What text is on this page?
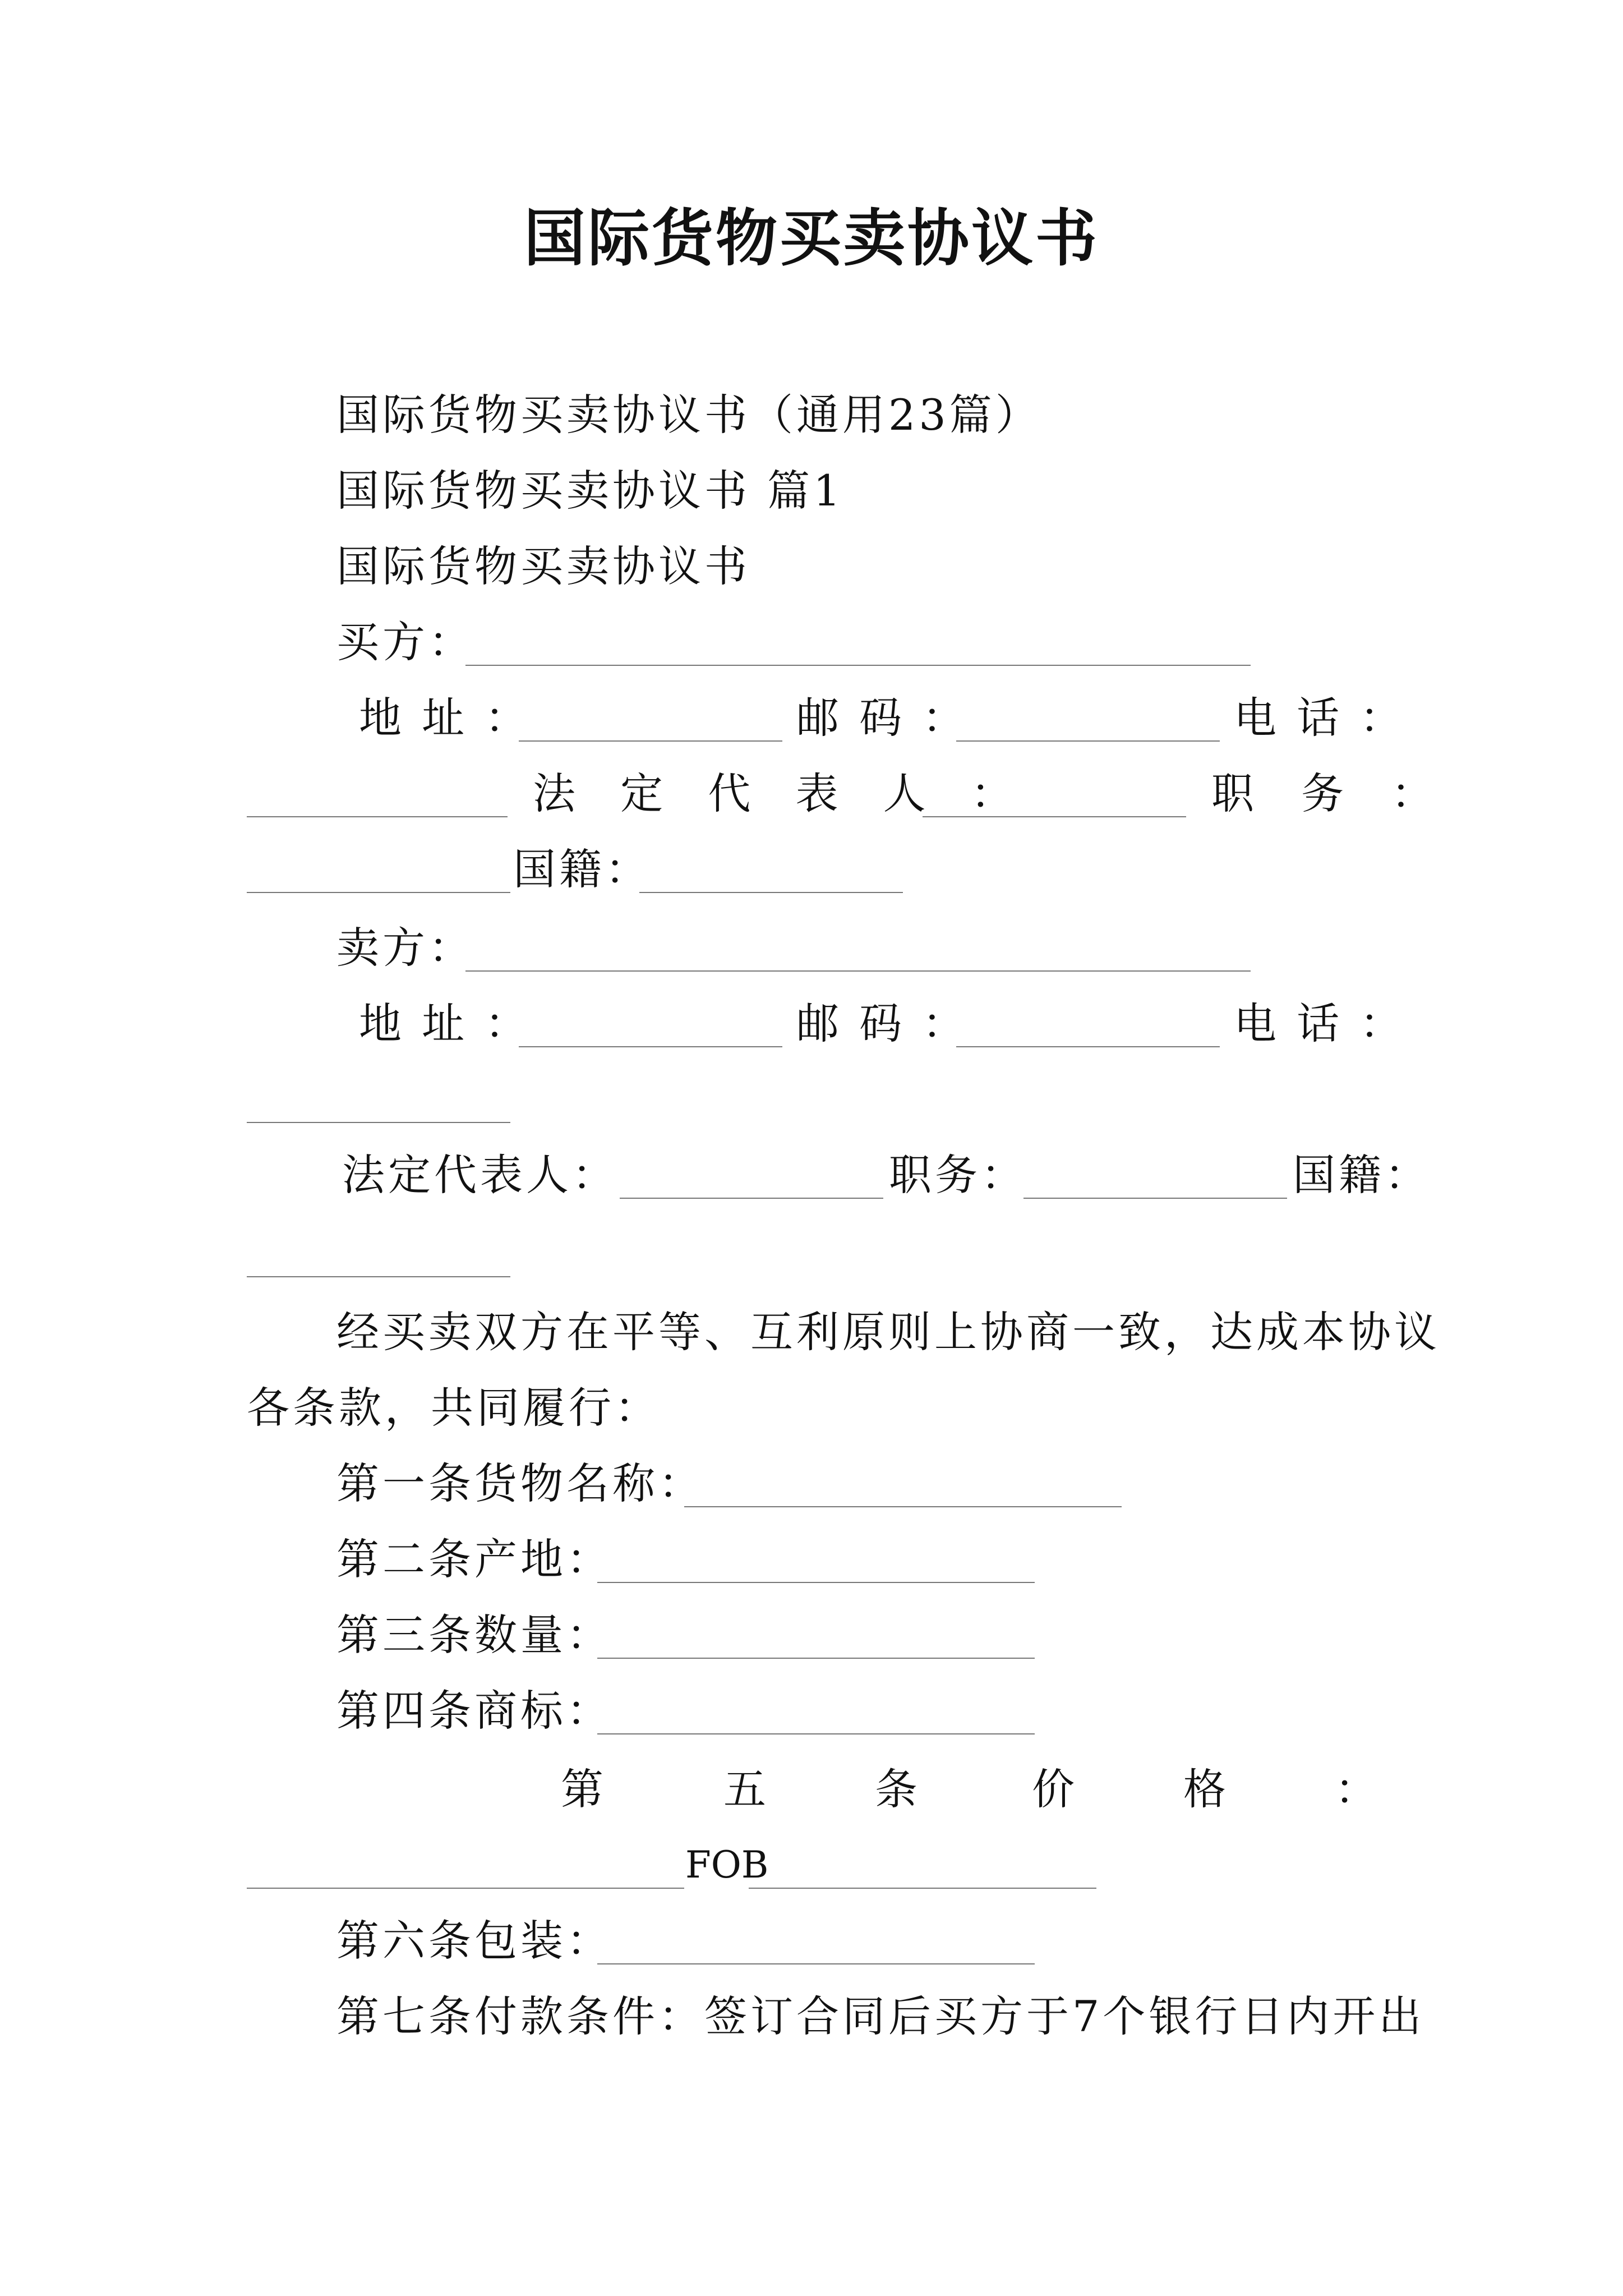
国际货物买卖协议书
国际货物买卖协议书（通用23篇）
国际货物买卖协议书 篇1
国际货物买卖协议书
买方：
地 址 ：	邮 码 ：	电 话 ：
法 定 代 表 人 ：	职 务 ：
国籍：
卖方：
地 址 ：	邮 码 ：	电 话 ：
法定代表人：	职务：	国籍：
经买卖双方在平等、互利原则上协商一致，达成本协议
各条款，共同履行：
第一条货物名称：
第二条产地：
第三条数量：
第四条商标：
第	五	条	价	格	：
FOB
第六条包装：
第七条付款条件：签订合同后买方于7个银行日内开出
